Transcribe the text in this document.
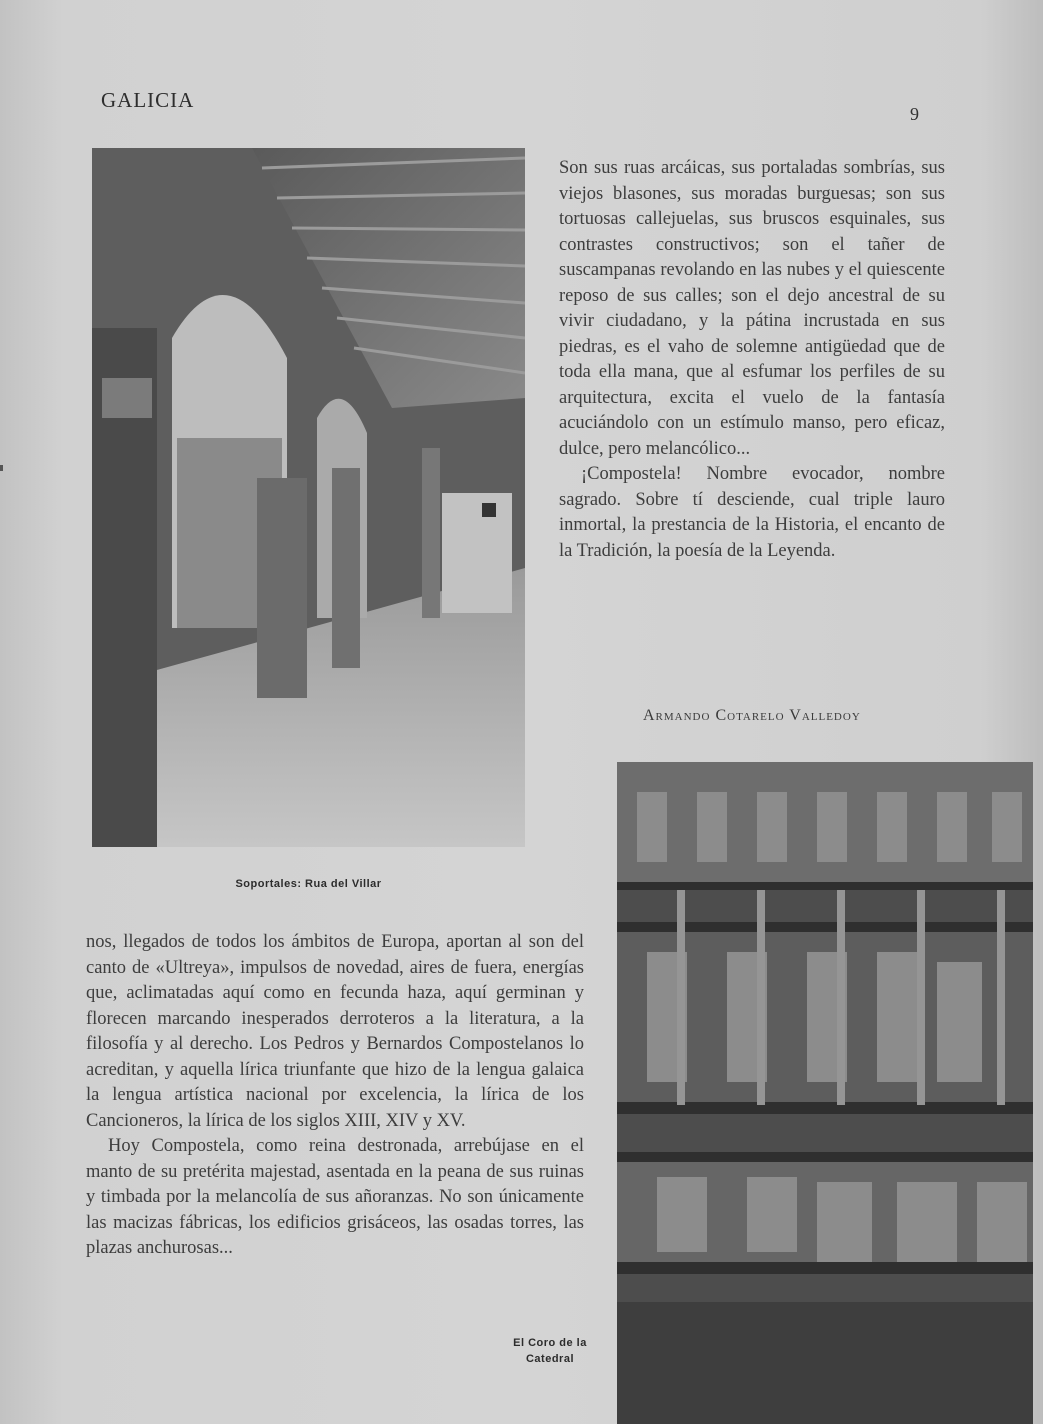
GALICIA
9
Soportales: Rua del Villar
El Coro de la
Catedral

Son sus ruas arcáicas, sus portaladas sombrías, sus viejos blasones, sus moradas burguesas; son sus tortuosas callejuelas, sus bruscos esquinales, sus contrastes constructivos; son el tañer de suscampanas revolando en las nubes y el quiescente reposo de sus calles; son el dejo ancestral de su vivir ciudadano, y la pátina incrustada en sus piedras, es el vaho de solemne antigüedad que de toda ella mana, que al esfumar los perfiles de su arquitectura, excita el vuelo de la fantasía acuciándolo con un estímulo manso, pero eficaz, dulce, pero melancólico...

¡Compostela! Nombre evocador, nombre sagrado. Sobre tí desciende, cual triple lauro inmortal, la prestancia de la Historia, el encanto de la Tradición, la poesía de la Leyenda.

Armando Cotarelo Valledoy

nos, llegados de todos los ámbitos de Europa, aportan al son del canto de «Ultreya», impulsos de novedad, aires de fuera, energías que, aclimatadas aquí como en fecunda haza, aquí germinan y florecen marcando inesperados derroteros a la literatura, a la filosofía y al derecho. Los Pedros y Bernardos Compostelanos lo acreditan, y aquella lírica triunfante que hizo de la lengua galaica la lengua artística nacional por excelencia, la lírica de los Cancioneros, la lírica de los siglos XIII, XIV y XV.

Hoy Compostela, como reina destronada, arrebújase en el manto de su pretérita majestad, asentada en la peana de sus ruinas y timbada por la melancolía de sus añoranzas. No son únicamente las macizas fábricas, los edificios grisáceos, las osadas torres, las plazas anchurosas...
